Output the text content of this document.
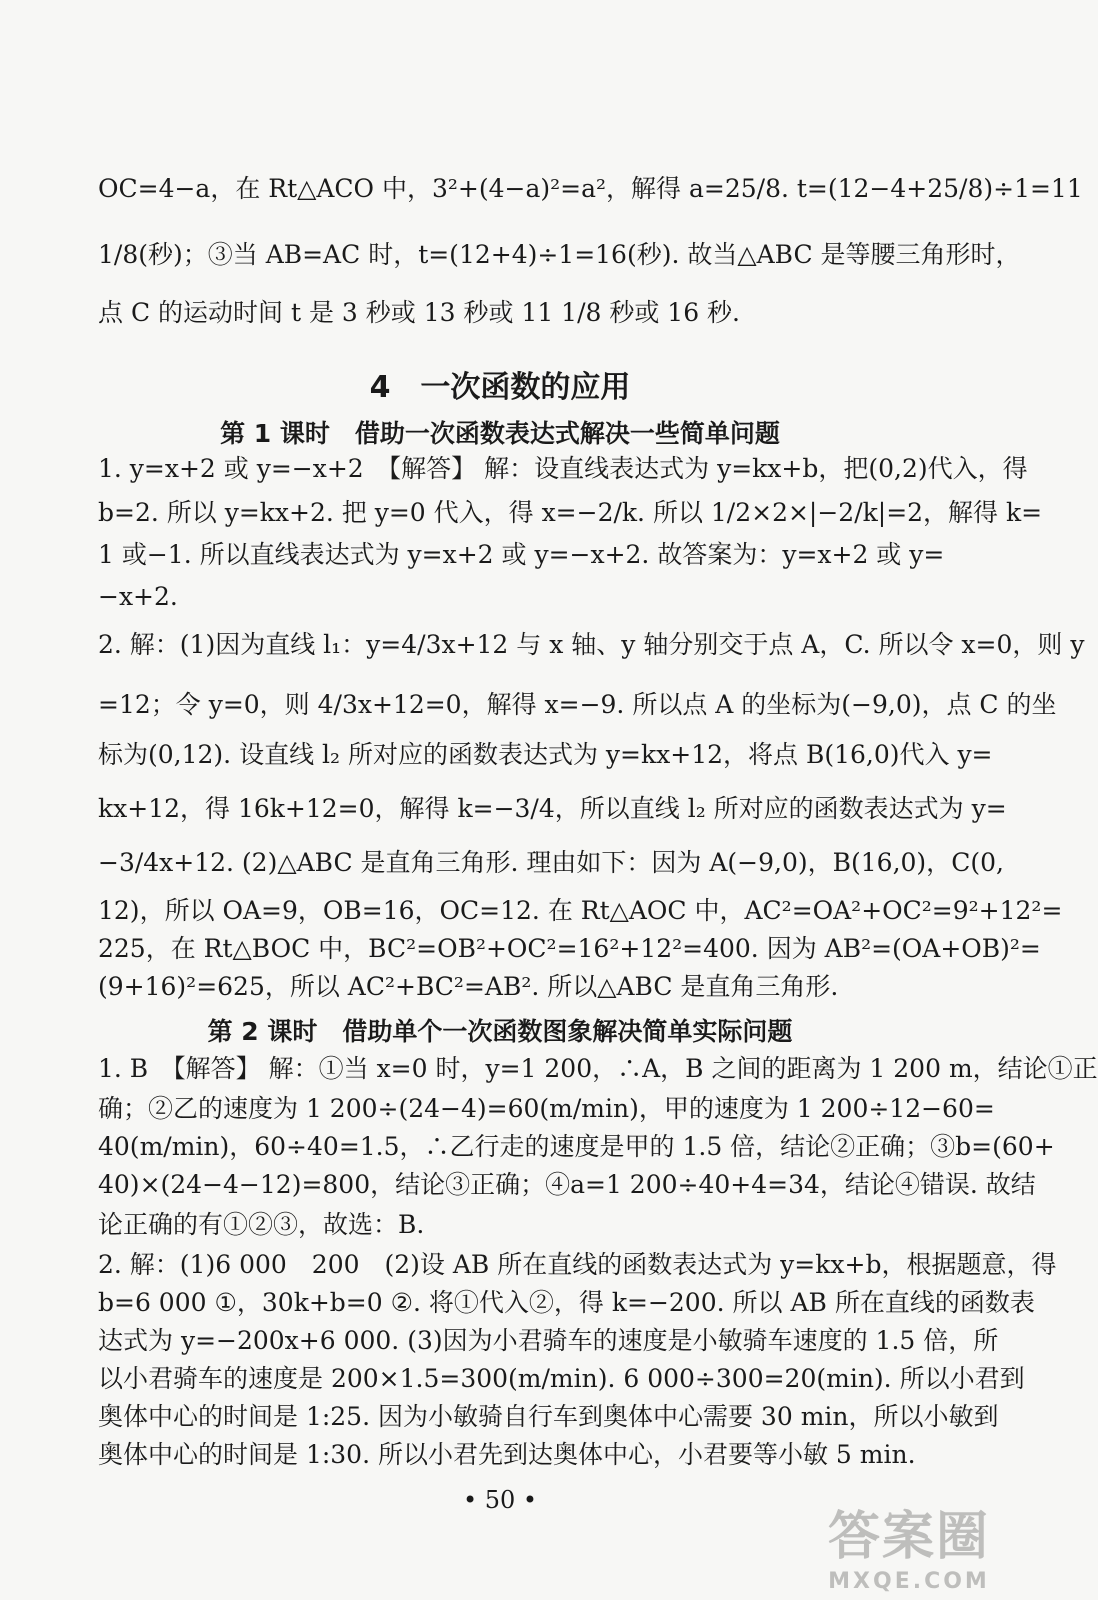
OC=4−a，在 Rt△ACO 中，3²+(4−a)²=a²，解得 a=25/8. t=(12−4+25/8)÷1=11
1/8(秒)；③当 AB=AC 时，t=(12+4)÷1=16(秒). 故当△ABC 是等腰三角形时，
点 C 的运动时间 t 是 3 秒或 13 秒或 11 1/8 秒或 16 秒.
4　一次函数的应用
第 1 课时　借助一次函数表达式解决一些简单问题
1. y=x+2 或 y=−x+2　【解答】 解：设直线表达式为 y=kx+b，把(0,2)代入，得
b=2. 所以 y=kx+2. 把 y=0 代入，得 x=−2/k. 所以 1/2×2×|−2/k|=2，解得 k=
1 或−1. 所以直线表达式为 y=x+2 或 y=−x+2. 故答案为：y=x+2 或 y=
−x+2.
2. 解：(1)因为直线 l₁：y=4/3x+12 与 x 轴、y 轴分别交于点 A，C. 所以令 x=0，则 y
=12；令 y=0，则 4/3x+12=0，解得 x=−9. 所以点 A 的坐标为(−9,0)，点 C 的坐
标为(0,12). 设直线 l₂ 所对应的函数表达式为 y=kx+12，将点 B(16,0)代入 y=
kx+12，得 16k+12=0，解得 k=−3/4，所以直线 l₂ 所对应的函数表达式为 y=
−3/4x+12. (2)△ABC 是直角三角形. 理由如下：因为 A(−9,0)，B(16,0)，C(0,
12)，所以 OA=9，OB=16，OC=12. 在 Rt△AOC 中，AC²=OA²+OC²=9²+12²=
225，在 Rt△BOC 中，BC²=OB²+OC²=16²+12²=400. 因为 AB²=(OA+OB)²=
(9+16)²=625，所以 AC²+BC²=AB². 所以△ABC 是直角三角形.
第 2 课时　借助单个一次函数图象解决简单实际问题
1. B　【解答】 解：①当 x=0 时，y=1 200，∴A，B 之间的距离为 1 200 m，结论①正
确；②乙的速度为 1 200÷(24−4)=60(m/min)，甲的速度为 1 200÷12−60=
40(m/min)，60÷40=1.5，∴乙行走的速度是甲的 1.5 倍，结论②正确；③b=(60+
40)×(24−4−12)=800，结论③正确；④a=1 200÷40+4=34，结论④错误. 故结
论正确的有①②③，故选：B.
2. 解：(1)6 000　200　(2)设 AB 所在直线的函数表达式为 y=kx+b，根据题意，得
b=6 000 ①，30k+b=0 ②. 将①代入②，得 k=−200. 所以 AB 所在直线的函数表
达式为 y=−200x+6 000. (3)因为小君骑车的速度是小敏骑车速度的 1.5 倍，所
以小君骑车的速度是 200×1.5=300(m/min). 6 000÷300=20(min). 所以小君到
奥体中心的时间是 1:25. 因为小敏骑自行车到奥体中心需要 30 min，所以小敏到
奥体中心的时间是 1:30. 所以小君先到达奥体中心，小君要等小敏 5 min.
• 50 •
答案圈
MXQE.COM
